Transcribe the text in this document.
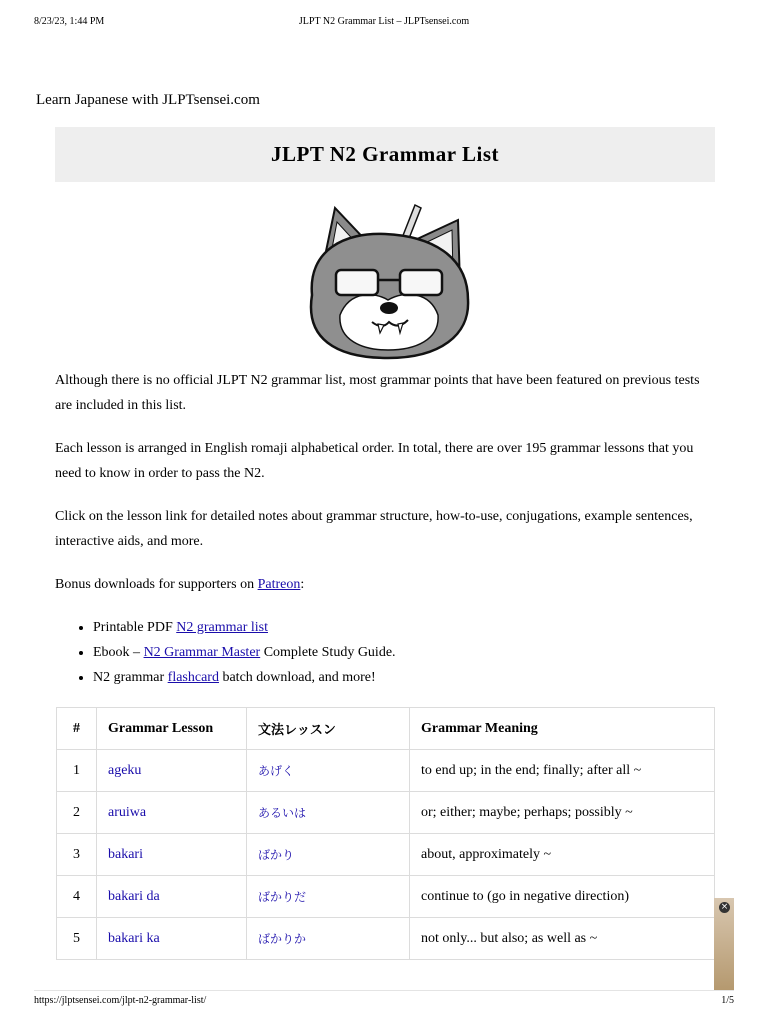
8/23/23, 1:44 PM	JLPT N2 Grammar List – JLPTsensei.com
Learn Japanese with JLPTsensei.com
JLPT N2 Grammar List

Although there is no official JLPT N2 grammar list, most grammar points that have been featured on previous tests are included in this list.

Each lesson is arranged in English romaji alphabetical order. In total, there are over 195 grammar lessons that you need to know in order to pass the N2.

Click on the lesson link for detailed notes about grammar structure, how-to-use, conjugations, example sentences, interactive aids, and more.

Bonus downloads for supporters on Patreon:

• Printable PDF N2 grammar list
• Ebook – N2 Grammar Master Complete Study Guide.
• N2 grammar flashcard batch download, and more!
#	Grammar Lesson	文法レッスン	Grammar Meaning
1	ageku	あげく	to end up; in the end; finally; after all ~
2	aruiwa	あるいは	or; either; maybe; perhaps; possibly ~
3	bakari	ばかり	about, approximately ~
4	bakari da	ばかりだ	continue to (go in negative direction)
5	bakari ka	ばかりか	not only... but also; as well as ~
×
https://jlptsensei.com/jlpt-n2-grammar-list/	1/5
